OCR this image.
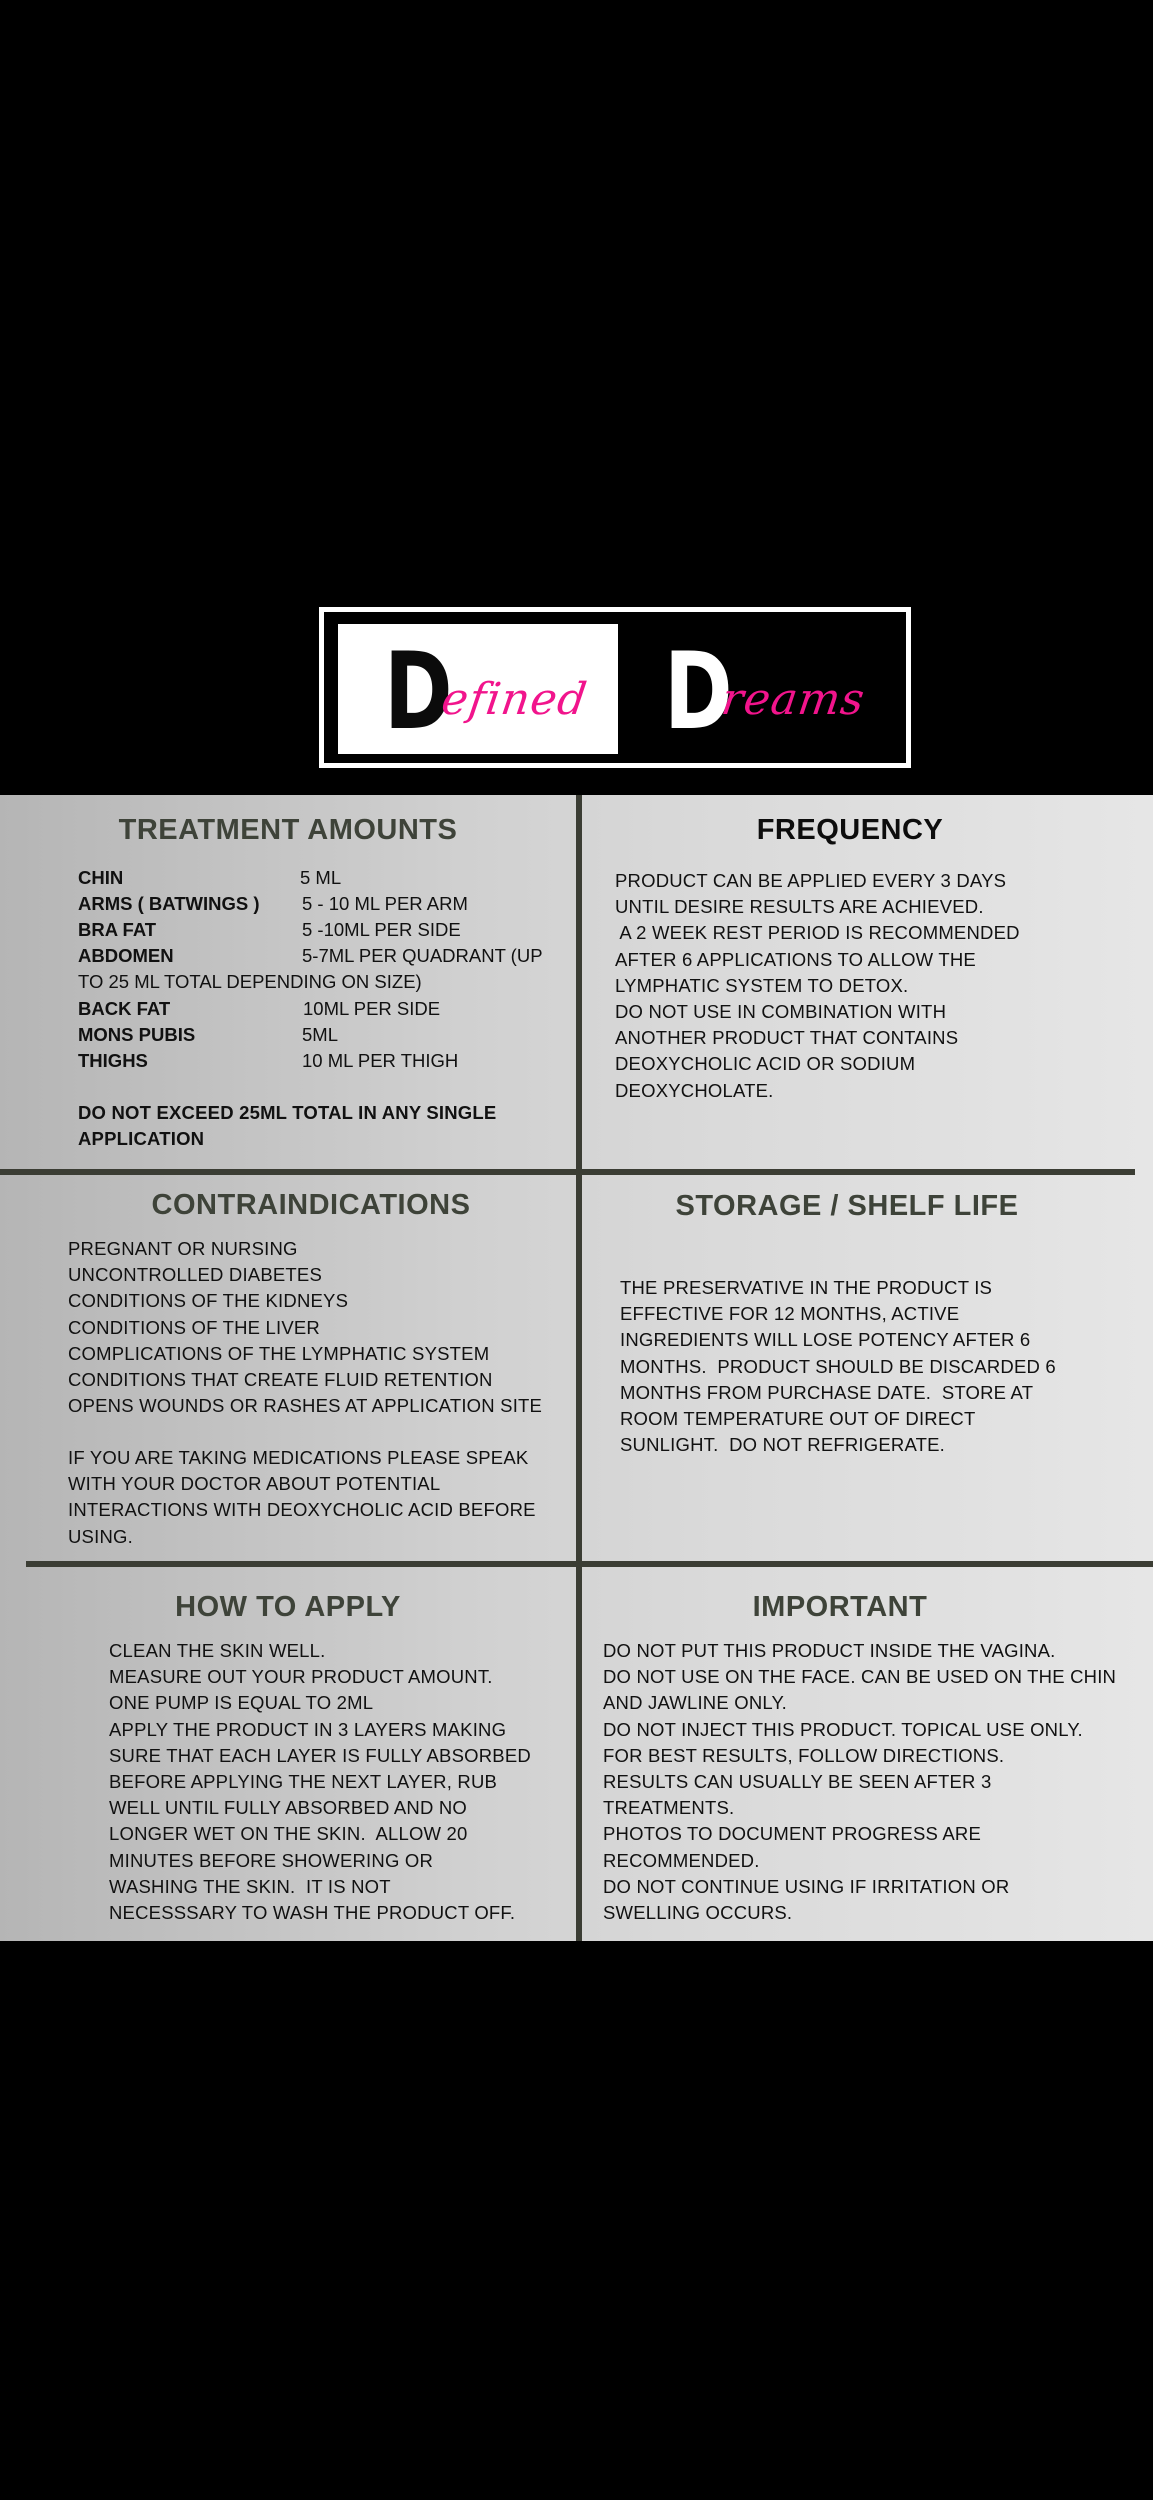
D
efined D
reams
TREATMENT AMOUNTS
CHIN	5 ML
ARMS ( BATWINGS ) 5 - 10 ML PER ARM
BRA FAT	5 -10ML PER SIDE
ABDOMEN	5-7ML PER QUADRANT (UP
TO 25 ML TOTAL DEPENDING ON SIZE)
BACK FAT	10ML PER SIDE
MONS PUBIS	5ML
THIGHS	10 ML PER THIGH
DO NOT EXCEED 25ML TOTAL IN ANY SINGLE
APPLICATION
FREQUENCY
PRODUCT CAN BE APPLIED EVERY 3 DAYS
UNTIL DESIRE RESULTS ARE ACHIEVED.
A 2 WEEK REST PERIOD IS RECOMMENDED
AFTER 6 APPLICATIONS TO ALLOW THE
LYMPHATIC SYSTEM TO DETOX.
DO NOT USE IN COMBINATION WITH
ANOTHER PRODUCT THAT CONTAINS
DEOXYCHOLIC ACID OR SODIUM
DEOXYCHOLATE.
CONTRAINDICATIONS
PREGNANT OR NURSING
UNCONTROLLED DIABETES
CONDITIONS OF THE KIDNEYS
CONDITIONS OF THE LIVER
COMPLICATIONS OF THE LYMPHATIC SYSTEM
CONDITIONS THAT CREATE FLUID RETENTION
OPENS WOUNDS OR RASHES AT APPLICATION SITE
IF YOU ARE TAKING MEDICATIONS PLEASE SPEAK
WITH YOUR DOCTOR ABOUT POTENTIAL
INTERACTIONS WITH DEOXYCHOLIC ACID BEFORE
USING.
STORAGE / SHELF LIFE
THE PRESERVATIVE IN THE PRODUCT IS
EFFECTIVE FOR 12 MONTHS, ACTIVE
INGREDIENTS WILL LOSE POTENCY AFTER 6
MONTHS.  PRODUCT SHOULD BE DISCARDED 6
MONTHS FROM PURCHASE DATE.  STORE AT
ROOM TEMPERATURE OUT OF DIRECT
SUNLIGHT.  DO NOT REFRIGERATE.
HOW TO APPLY
CLEAN THE SKIN WELL.
MEASURE OUT YOUR PRODUCT AMOUNT.
ONE PUMP IS EQUAL TO 2ML
APPLY THE PRODUCT IN 3 LAYERS MAKING
SURE THAT EACH LAYER IS FULLY ABSORBED
BEFORE APPLYING THE NEXT LAYER, RUB
WELL UNTIL FULLY ABSORBED AND NO
LONGER WET ON THE SKIN.  ALLOW 20
MINUTES BEFORE SHOWERING OR
WASHING THE SKIN.  IT IS NOT
NECESSSARY TO WASH THE PRODUCT OFF.
IMPORTANT
DO NOT PUT THIS PRODUCT INSIDE THE VAGINA.
DO NOT USE ON THE FACE. CAN BE USED ON THE CHIN
AND JAWLINE ONLY.
DO NOT INJECT THIS PRODUCT. TOPICAL USE ONLY.
FOR BEST RESULTS, FOLLOW DIRECTIONS.
RESULTS CAN USUALLY BE SEEN AFTER 3
TREATMENTS.
PHOTOS TO DOCUMENT PROGRESS ARE
RECOMMENDED.
DO NOT CONTINUE USING IF IRRITATION OR
SWELLING OCCURS.
